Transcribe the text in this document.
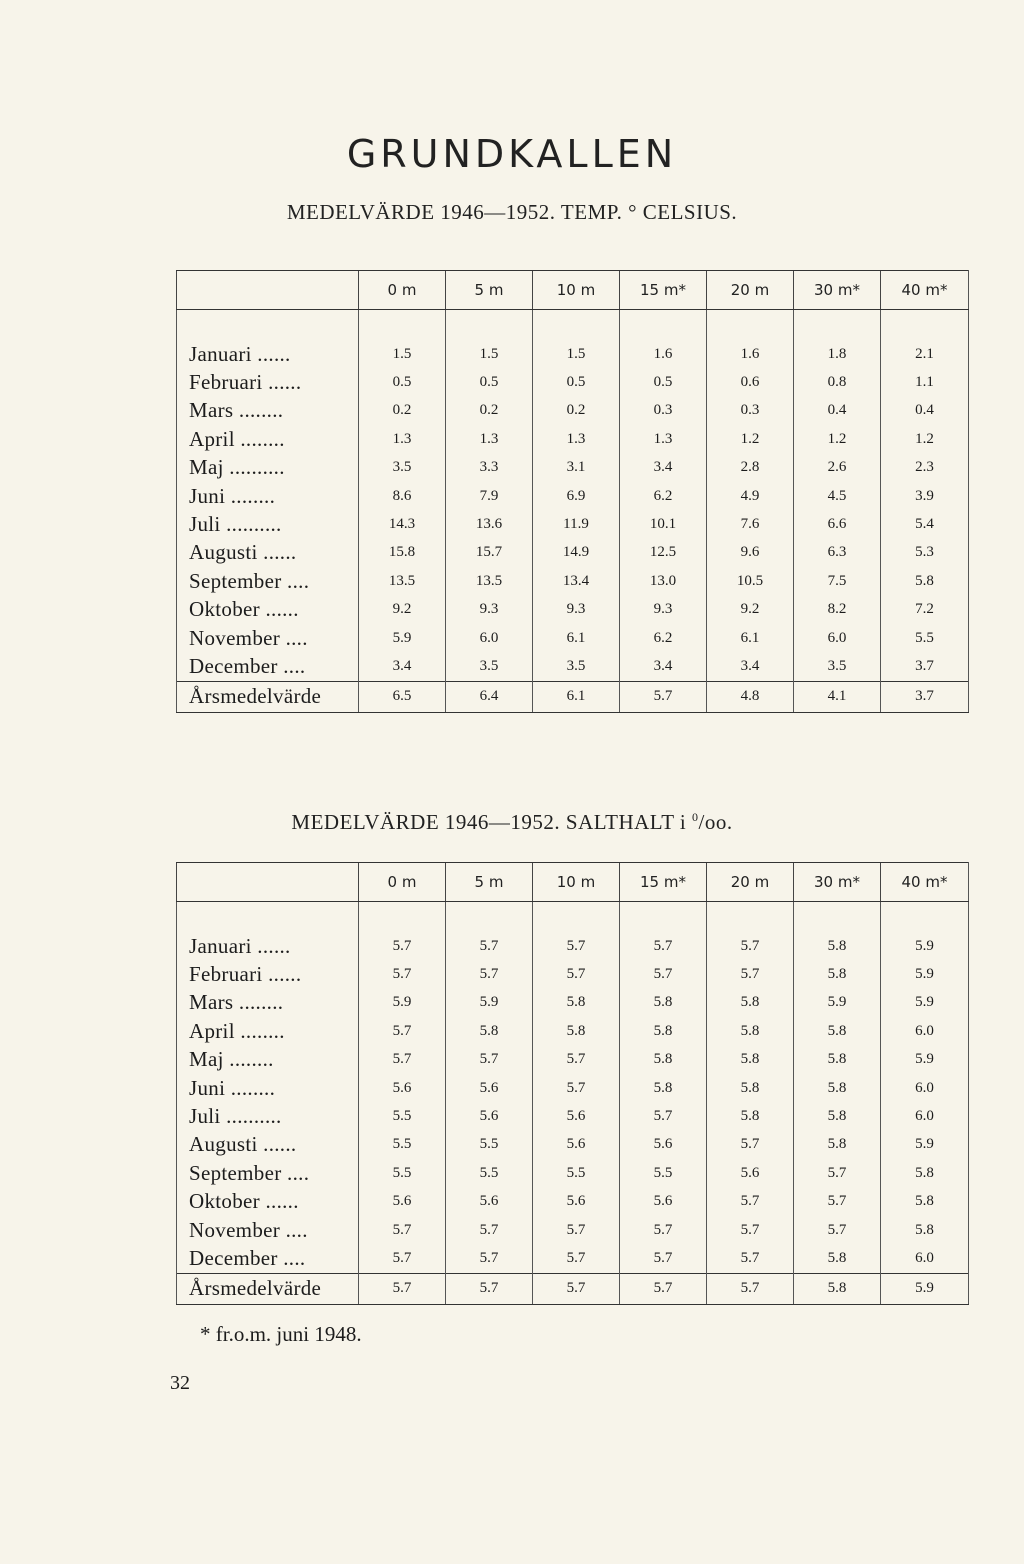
GRUNDKALLEN
MEDELVÄRDE 1946—1952. TEMP. ° CELSIUS.
	0 m	5 m	10 m	15 m*	20 m	30 m*	40 m*

Januari ......	1.5	1.5	1.5	1.6	1.6	1.8	2.1
Februari ......	0.5	0.5	0.5	0.5	0.6	0.8	1.1
Mars ........	0.2	0.2	0.2	0.3	0.3	0.4	0.4
April ........	1.3	1.3	1.3	1.3	1.2	1.2	1.2
Maj ..........	3.5	3.3	3.1	3.4	2.8	2.6	2.3
Juni ........	8.6	7.9	6.9	6.2	4.9	4.5	3.9
Juli ..........	14.3	13.6	11.9	10.1	7.6	6.6	5.4
Augusti ......	15.8	15.7	14.9	12.5	9.6	6.3	5.3
September ....	13.5	13.5	13.4	13.0	10.5	7.5	5.8
Oktober ......	9.2	9.3	9.3	9.3	9.2	8.2	7.2
November ....	5.9	6.0	6.1	6.2	6.1	6.0	5.5
December ....	3.4	3.5	3.5	3.4	3.4	3.5	3.7
Årsmedelvärde	6.5	6.4	6.1	5.7	4.8	4.1	3.7
MEDELVÄRDE 1946—1952. SALTHALT i $^0$/oo.
	0 m	5 m	10 m	15 m*	20 m	30 m*	40 m*

Januari ......	5.7	5.7	5.7	5.7	5.7	5.8	5.9
Februari ......	5.7	5.7	5.7	5.7	5.7	5.8	5.9
Mars ........	5.9	5.9	5.8	5.8	5.8	5.9	5.9
April ........	5.7	5.8	5.8	5.8	5.8	5.8	6.0
Maj ........	5.7	5.7	5.7	5.8	5.8	5.8	5.9
Juni ........	5.6	5.6	5.7	5.8	5.8	5.8	6.0
Juli ..........	5.5	5.6	5.6	5.7	5.8	5.8	6.0
Augusti ......	5.5	5.5	5.6	5.6	5.7	5.8	5.9
September ....	5.5	5.5	5.5	5.5	5.6	5.7	5.8
Oktober ......	5.6	5.6	5.6	5.6	5.7	5.7	5.8
November ....	5.7	5.7	5.7	5.7	5.7	5.7	5.8
December ....	5.7	5.7	5.7	5.7	5.7	5.8	6.0
Årsmedelvärde	5.7	5.7	5.7	5.7	5.7	5.8	5.9
* fr.o.m. juni 1948.
32
